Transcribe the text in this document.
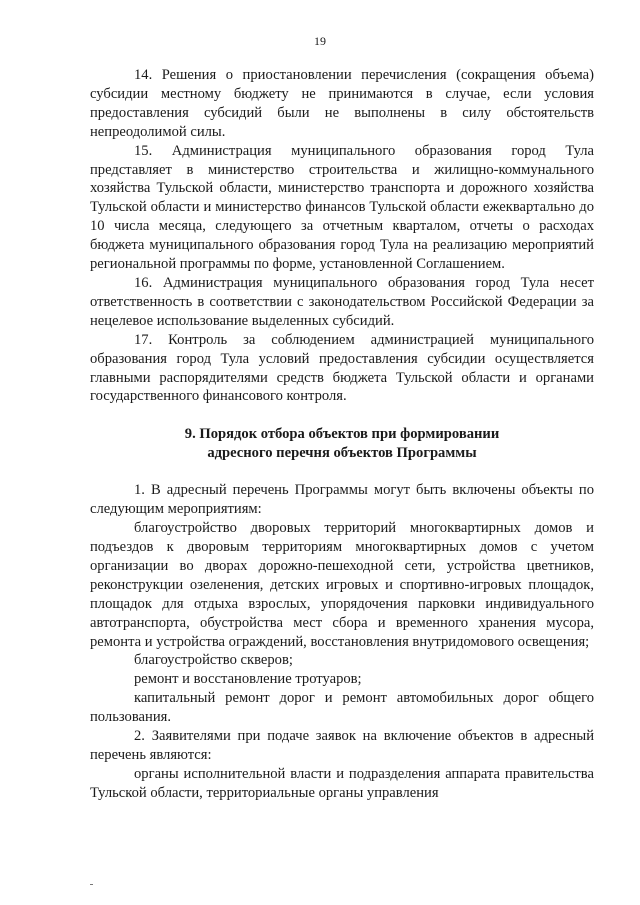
19

14. Решения о приостановлении перечисления (сокращения объема) субсидии местному бюджету не принимаются в случае, если условия предоставления субсидий были не выполнены в силу обстоятельств непреодолимой силы.

15. Администрация муниципального образования город Тула представляет в министерство строительства и жилищно-коммунального хозяйства Тульской области, министерство транспорта и дорожного хозяйства Тульской области и министерство финансов Тульской области ежеквартально до 10 числа месяца, следующего за отчетным кварталом, отчеты о расходах бюджета муниципального образования город Тула на реализацию мероприятий региональной программы по форме, установленной Соглашением.

16. Администрация муниципального образования город Тула несет ответственность в соответствии с законодательством Российской Федерации за нецелевое использование выделенных субсидий.

17. Контроль за соблюдением администрацией муниципального образования город Тула условий предоставления субсидии осуществляется главными распорядителями средств бюджета Тульской области и органами государственного финансового контроля.

9. Порядок отбора объектов при формировании
адресного перечня объектов Программы

1. В адресный перечень Программы могут быть включены объекты по следующим мероприятиям:

благоустройство дворовых территорий многоквартирных домов и подъездов к дворовым территориям многоквартирных домов с учетом организации во дворах дорожно-пешеходной сети, устройства цветников, реконструкции озеленения, детских игровых и спортивно-игровых площадок, площадок для отдыха взрослых, упорядочения парковки индивидуального автотранспорта, обустройства мест сбора и временного хранения мусора, ремонта и устройства ограждений, восстановления внутридомового освещения;

благоустройство скверов;

ремонт и восстановление тротуаров;

капитальный ремонт дорог и ремонт автомобильных дорог общего пользования.

2. Заявителями при подаче заявок на включение объектов в адресный перечень являются:

органы исполнительной власти и подразделения аппарата правительства Тульской области, территориальные органы управления
